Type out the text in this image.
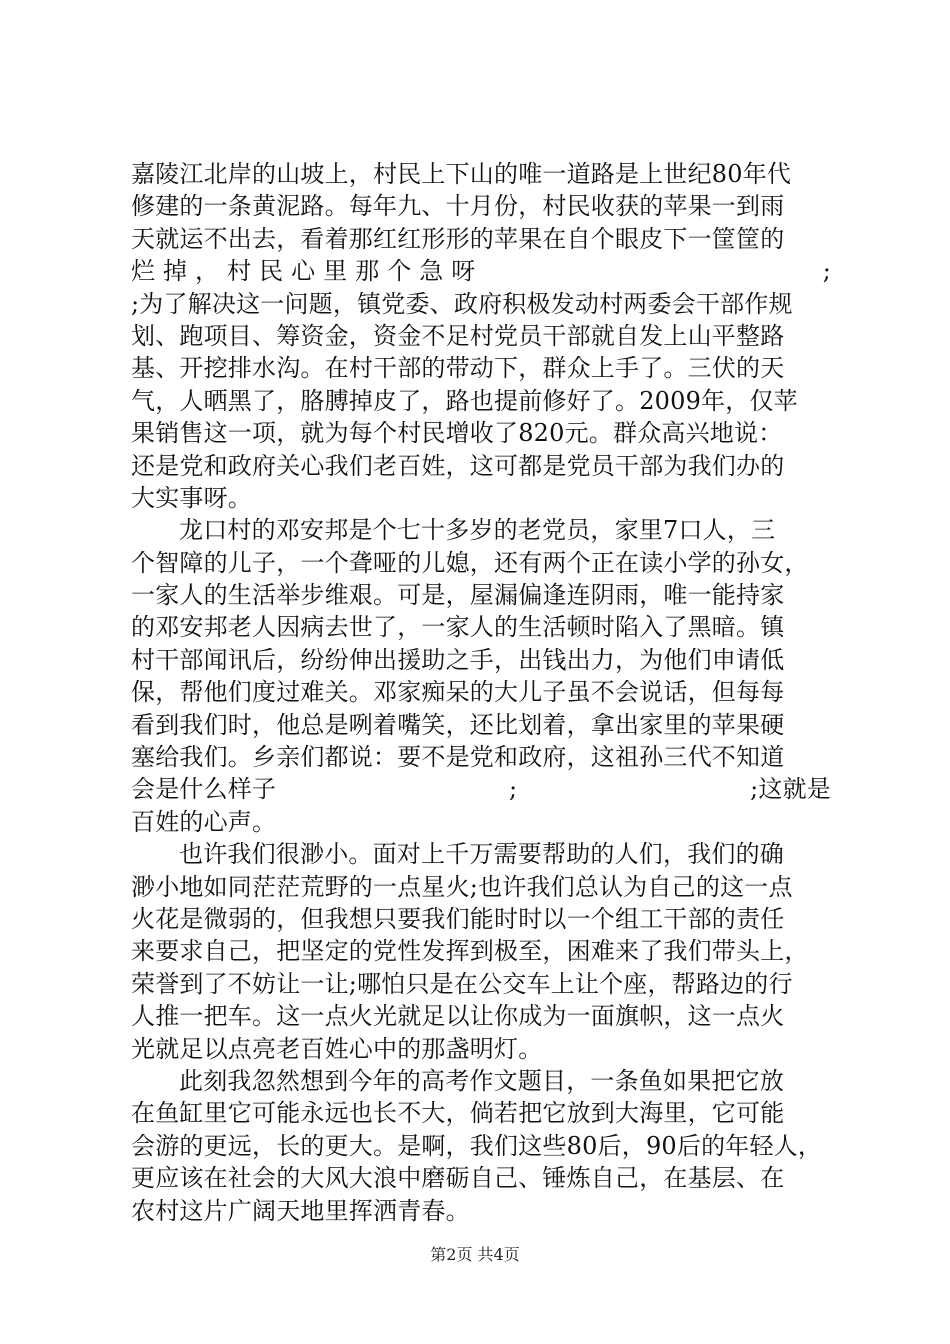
嘉陵江北岸的山坡上，村民上下山的唯一道路是上世纪80年代
修建的一条黄泥路。每年九、十月份，村民收获的苹果一到雨
天就运不出去，看着那红红形形的苹果在自个眼皮下一筐筐的
烂 掉 ， 村 民 心 里 那 个 急 呀	;
;为了解决这一问题，镇党委、政府积极发动村两委会干部作规
划、跑项目、筹资金，资金不足村党员干部就自发上山平整路
基、开挖排水沟。在村干部的带动下，群众上手了。三伏的天
气，人晒黑了，胳膊掉皮了，路也提前修好了。2009年，仅苹
果销售这一项，就为每个村民增收了820元。群众高兴地说：
还是党和政府关心我们老百姓，这可都是党员干部为我们办的
大实事呀。
龙口村的邓安邦是个七十多岁的老党员，家里7口人，三
个智障的儿子，一个聋哑的儿媳，还有两个正在读小学的孙女，
一家人的生活举步维艰。可是，屋漏偏逢连阴雨，唯一能持家
的邓安邦老人因病去世了，一家人的生活顿时陷入了黑暗。镇
村干部闻讯后，纷纷伸出援助之手，出钱出力，为他们申请低
保，帮他们度过难关。邓家痴呆的大儿子虽不会说话，但每每
看到我们时，他总是咧着嘴笑，还比划着，拿出家里的苹果硬
塞给我们。乡亲们都说：要不是党和政府，这祖孙三代不知道
会是什么样子	;	;这就是
百姓的心声。
也许我们很渺小。面对上千万需要帮助的人们，我们的确
渺小地如同茫茫荒野的一点星火;也许我们总认为自己的这一点
火花是微弱的，但我想只要我们能时时以一个组工干部的责任
来要求自己，把坚定的党性发挥到极至，困难来了我们带头上，
荣誉到了不妨让一让;哪怕只是在公交车上让个座，帮路边的行
人推一把车。这一点火光就足以让你成为一面旗帜，这一点火
光就足以点亮老百姓心中的那盏明灯。
此刻我忽然想到今年的高考作文题目，一条鱼如果把它放
在鱼缸里它可能永远也长不大，倘若把它放到大海里，它可能
会游的更远，长的更大。是啊，我们这些80后，90后的年轻人，
更应该在社会的大风大浪中磨砺自己、锤炼自己，在基层、在
农村这片广阔天地里挥洒青春。
第2页 共4页
